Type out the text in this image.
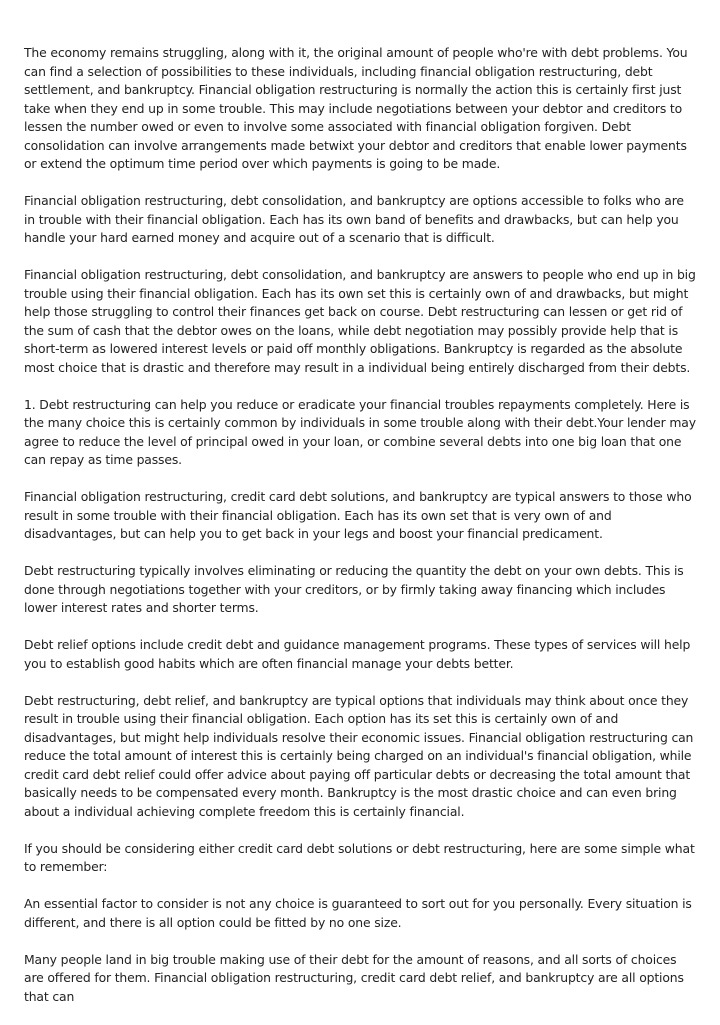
The economy remains struggling, along with it, the original amount of people who're with debt problems. You can find a selection of possibilities to these individuals, including financial obligation restructuring, debt settlement, and bankruptcy. Financial obligation restructuring is normally the action this is certainly first just take when they end up in some trouble. This may include negotiations between your debtor and creditors to lessen the number owed or even to involve some associated with financial obligation forgiven. Debt consolidation can involve arrangements made betwixt your debtor and creditors that enable lower payments or extend the optimum time period over which payments is going to be made.

Financial obligation restructuring, debt consolidation, and bankruptcy are options accessible to folks who are in trouble with their financial obligation. Each has its own band of benefits and drawbacks, but can help you handle your hard earned money and acquire out of a scenario that is difficult.

Financial obligation restructuring, debt consolidation, and bankruptcy are answers to people who end up in big trouble using their financial obligation. Each has its own set this is certainly own of and drawbacks, but might help those struggling to control their finances get back on course. Debt restructuring can lessen or get rid of the sum of cash that the debtor owes on the loans, while debt negotiation may possibly provide help that is short-term as lowered interest levels or paid off monthly obligations. Bankruptcy is regarded as the absolute most choice that is drastic and therefore may result in a individual being entirely discharged from their debts.

1. Debt restructuring can help you reduce or eradicate your financial troubles repayments completely. Here is the many choice this is certainly common by individuals in some trouble along with their debt.Your lender may agree to reduce the level of principal owed in your loan, or combine several debts into one big loan that one can repay as time passes.

Financial obligation restructuring, credit card debt solutions, and bankruptcy are typical answers to those who result in some trouble with their financial obligation. Each has its own set that is very own of and disadvantages, but can help you to get back in your legs and boost your financial predicament.

Debt restructuring typically involves eliminating or reducing the quantity the debt on your own debts. This is done through negotiations together with your creditors, or by firmly taking away financing which includes lower interest rates and shorter terms.

Debt relief options include credit debt and guidance management programs. These types of services will help you to establish good habits which are often financial manage your debts better.

Debt restructuring, debt relief, and bankruptcy are typical options that individuals may think about once they result in trouble using their financial obligation. Each option has its set this is certainly own of and disadvantages, but might help individuals resolve their economic issues. Financial obligation restructuring can reduce the total amount of interest this is certainly being charged on an individual's financial obligation, while credit card debt relief could offer advice about paying off particular debts or decreasing the total amount that basically needs to be compensated every month. Bankruptcy is the most drastic choice and can even bring about a individual achieving complete freedom this is certainly financial.

If you should be considering either credit card debt solutions or debt restructuring, here are some simple what to remember:

An essential factor to consider is not any choice is guaranteed to sort out for you personally. Every situation is different, and there is all option could be fitted by no one size.

Many people land in big trouble making use of their debt for the amount of reasons, and all sorts of choices are offered for them. Financial obligation restructuring, credit card debt relief, and bankruptcy are all options that can
